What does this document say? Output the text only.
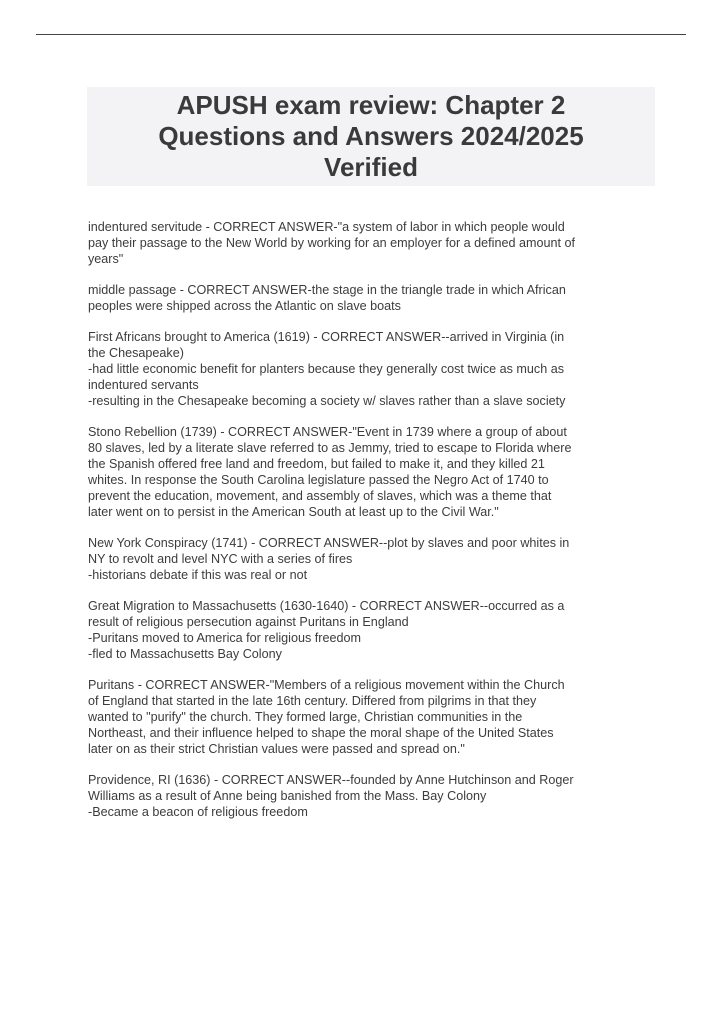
APUSH exam review: Chapter 2
Questions and Answers 2024/2025
Verified

indentured servitude - CORRECT ANSWER-"a system of labor in which people would

pay their passage to the New World by working for an employer for a defined amount of

years"

middle passage - CORRECT ANSWER-the stage in the triangle trade in which African

peoples were shipped across the Atlantic on slave boats

First Africans brought to America (1619) - CORRECT ANSWER--arrived in Virginia (in

the Chesapeake)

-had little economic benefit for planters because they generally cost twice as much as

indentured servants

-resulting in the Chesapeake becoming a society w/ slaves rather than a slave society

Stono Rebellion (1739) - CORRECT ANSWER-"Event in 1739 where a group of about

80 slaves, led by a literate slave referred to as Jemmy, tried to escape to Florida where

the Spanish offered free land and freedom, but failed to make it, and they killed 21

whites. In response the South Carolina legislature passed the Negro Act of 1740 to

prevent the education, movement, and assembly of slaves, which was a theme that

later went on to persist in the American South at least up to the Civil War."

New York Conspiracy (1741) - CORRECT ANSWER--plot by slaves and poor whites in

NY to revolt and level NYC with a series of fires

-historians debate if this was real or not

Great Migration to Massachusetts (1630-1640) - CORRECT ANSWER--occurred as a

result of religious persecution against Puritans in England

-Puritans moved to America for religious freedom

-fled to Massachusetts Bay Colony

Puritans - CORRECT ANSWER-"Members of a religious movement within the Church

of England that started in the late 16th century. Differed from pilgrims in that they

wanted to "purify" the church. They formed large, Christian communities in the

Northeast, and their influence helped to shape the moral shape of the United States

later on as their strict Christian values were passed and spread on."

Providence, RI (1636) - CORRECT ANSWER--founded by Anne Hutchinson and Roger

Williams as a result of Anne being banished from the Mass. Bay Colony

-Became a beacon of religious freedom
